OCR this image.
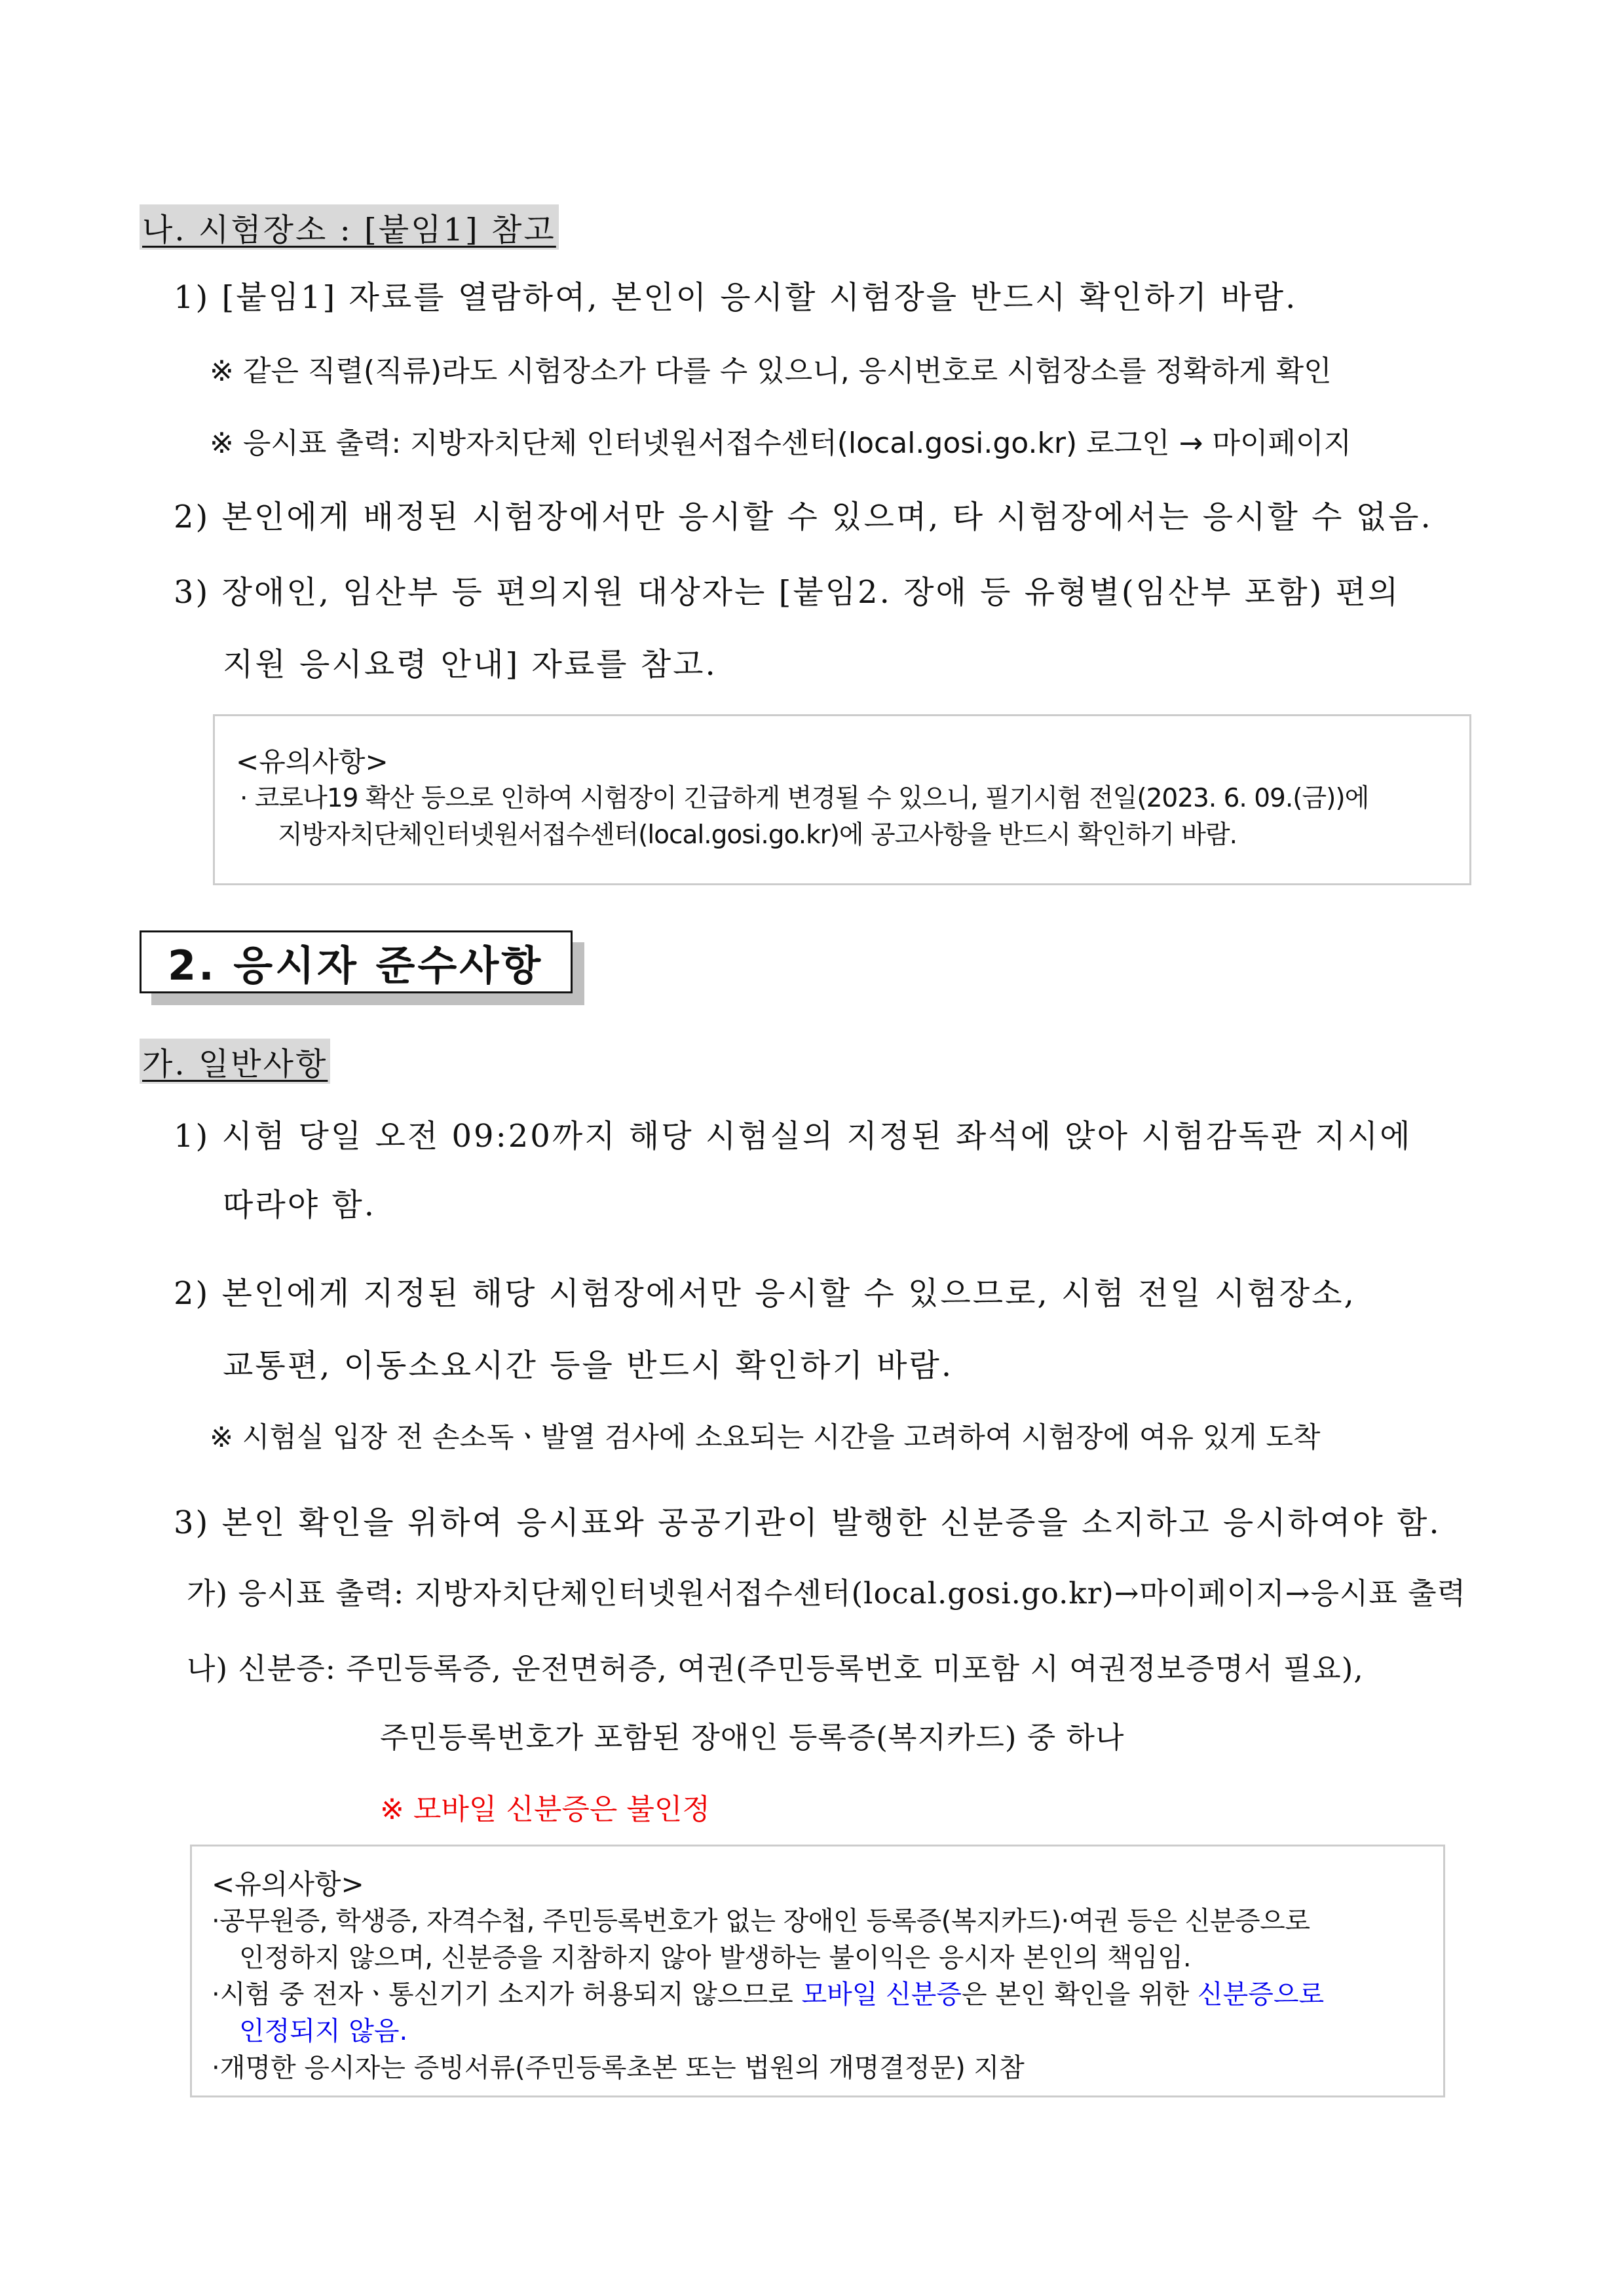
나. 시험장소 : [붙임1] 참고
1) [붙임1] 자료를 열람하여, 본인이 응시할 시험장을 반드시 확인하기 바람.
※ 같은 직렬(직류)라도 시험장소가 다를 수 있으니, 응시번호로 시험장소를 정확하게 확인
※ 응시표 출력: 지방자치단체 인터넷원서접수센터(local.gosi.go.kr) 로그인 → 마이페이지
2) 본인에게 배정된 시험장에서만 응시할 수 있으며, 타 시험장에서는 응시할 수 없음.
3) 장애인, 임산부 등 편의지원 대상자는 [붙임2. 장애 등 유형별(임산부 포함) 편의
지원 응시요령 안내] 자료를 참고.
<유의사항>
· 코로나19 확산 등으로 인하여 시험장이 긴급하게 변경될 수 있으니, 필기시험 전일(2023. 6. 09.(금))에
지방자치단체인터넷원서접수센터(local.gosi.go.kr)에 공고사항을 반드시 확인하기 바람.
2. 응시자 준수사항
가. 일반사항
1) 시험 당일 오전 09:20까지 해당 시험실의 지정된 좌석에 앉아 시험감독관 지시에
따라야 함.
2) 본인에게 지정된 해당 시험장에서만 응시할 수 있으므로, 시험 전일 시험장소,
교통편, 이동소요시간 등을 반드시 확인하기 바람.
※ 시험실 입장 전 손소독ㆍ발열 검사에 소요되는 시간을 고려하여 시험장에 여유 있게 도착
3) 본인 확인을 위하여 응시표와 공공기관이 발행한 신분증을 소지하고 응시하여야 함.
가) 응시표 출력: 지방자치단체인터넷원서접수센터(local.gosi.go.kr)→마이페이지→응시표 출력
나) 신분증: 주민등록증, 운전면허증, 여권(주민등록번호 미포함 시 여권정보증명서 필요),
주민등록번호가 포함된 장애인 등록증(복지카드) 중 하나
※ 모바일 신분증은 불인정
<유의사항>
·공무원증, 학생증, 자격수첩, 주민등록번호가 없는 장애인 등록증(복지카드)·여권 등은 신분증으로
인정하지 않으며, 신분증을 지참하지 않아 발생하는 불이익은 응시자 본인의 책임임.
·시험 중 전자ㆍ통신기기 소지가 허용되지 않으므로 모바일 신분증은 본인 확인을 위한 신분증으로
인정되지 않음.
·개명한 응시자는 증빙서류(주민등록초본 또는 법원의 개명결정문) 지참
